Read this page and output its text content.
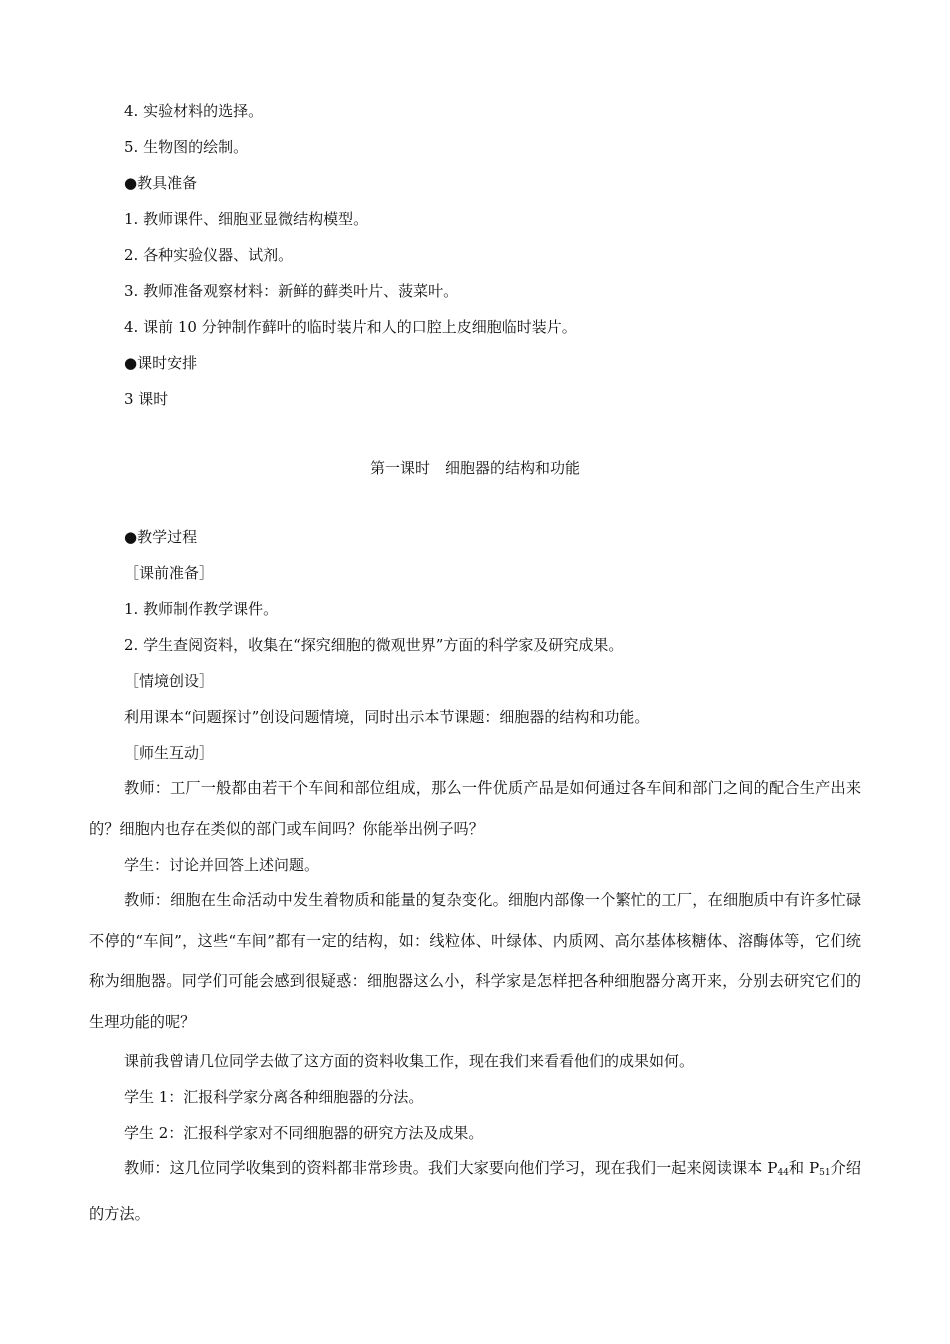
4. 实验材料的选择。
5. 生物图的绘制。
●教具准备
1. 教师课件、细胞亚显微结构模型。
2. 各种实验仪器、试剂。
3. 教师准备观察材料：新鲜的藓类叶片、菠菜叶。
4. 课前 10 分钟制作藓叶的临时装片和人的口腔上皮细胞临时装片。
●课时安排
3 课时
第一课时　细胞器的结构和功能
●教学过程
［课前准备］
1. 教师制作教学课件。
2. 学生查阅资料，收集在“探究细胞的微观世界”方面的科学家及研究成果。
［情境创设］
利用课本“问题探讨”创设问题情境，同时出示本节课题：细胞器的结构和功能。
［师生互动］
教师：工厂一般都由若干个车间和部位组成，那么一件优质产品是如何通过各车间和部门之间的配合生产出来的？细胞内也存在类似的部门或车间吗？你能举出例子吗？
学生：讨论并回答上述问题。
教师：细胞在生命活动中发生着物质和能量的复杂变化。细胞内部像一个繁忙的工厂，在细胞质中有许多忙碌不停的“车间”，这些“车间”都有一定的结构，如：线粒体、叶绿体、内质网、高尔基体核糖体、溶酶体等，它们统称为细胞器。同学们可能会感到很疑惑：细胞器这么小，科学家是怎样把各种细胞器分离开来，分别去研究它们的生理功能的呢？
课前我曾请几位同学去做了这方面的资料收集工作，现在我们来看看他们的成果如何。
学生 1：汇报科学家分离各种细胞器的分法。
学生 2：汇报科学家对不同细胞器的研究方法及成果。
教师：这几位同学收集到的资料都非常珍贵。我们大家要向他们学习，现在我们一起来阅读课本 $P_{44}$和 $P_{51}$介绍的方法。
